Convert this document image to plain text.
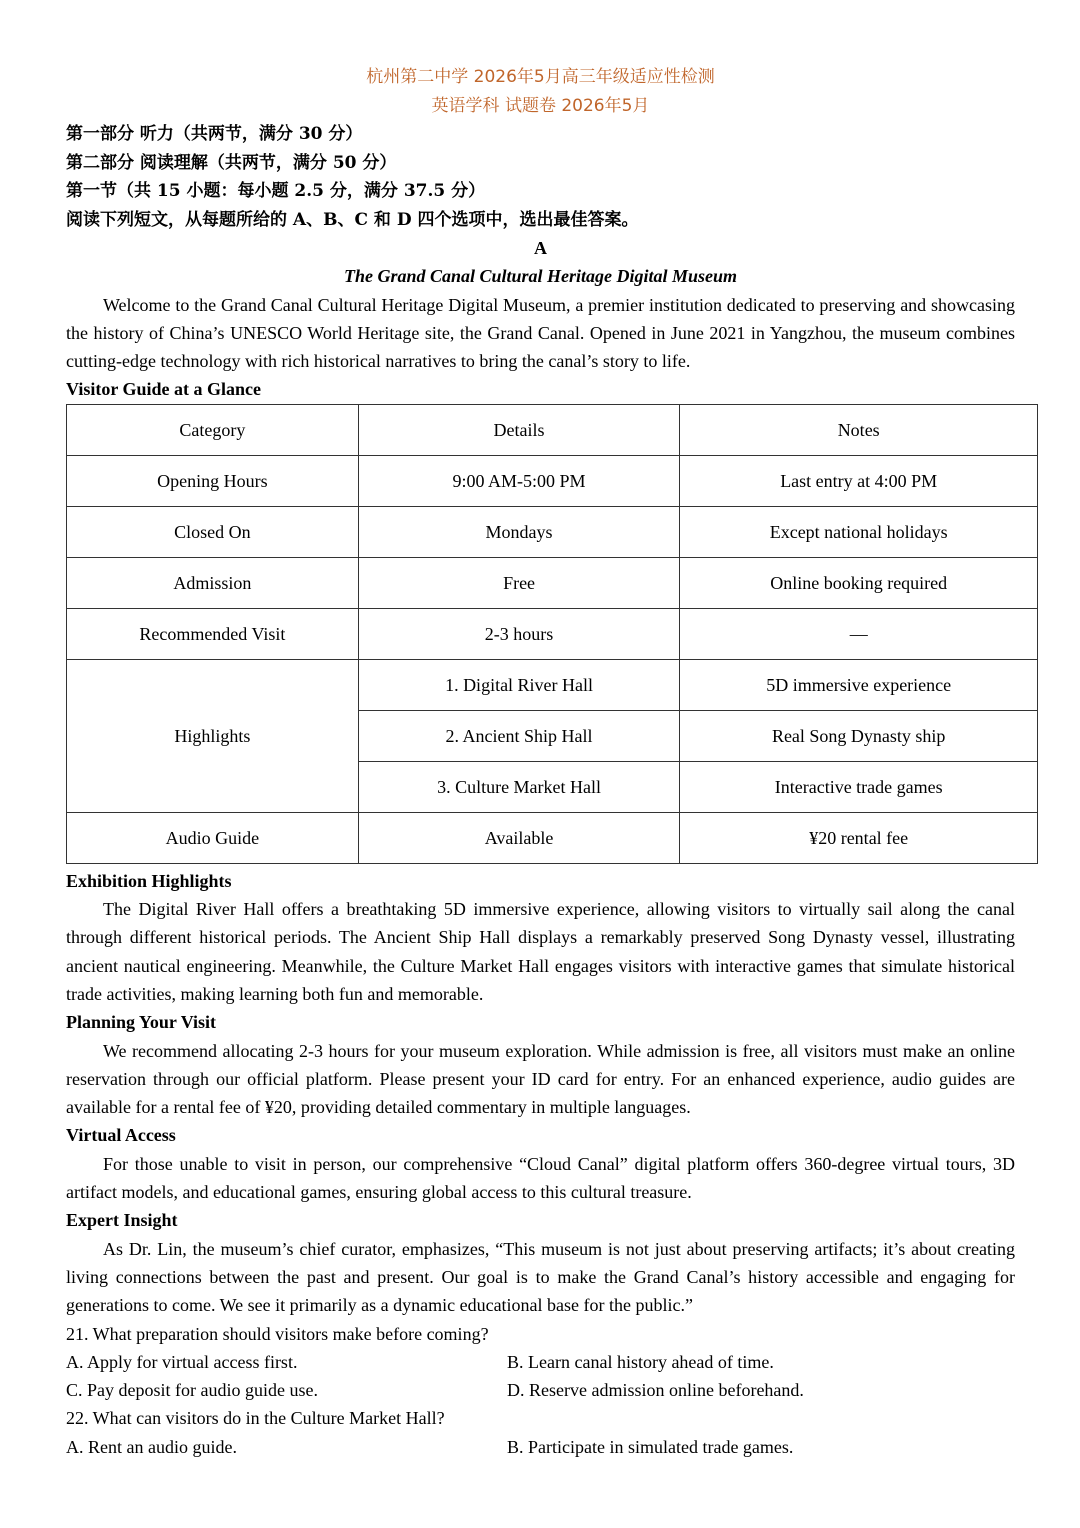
杭州第二中学 2026年5月高三年级适应性检测
英语学科 试题卷 2026年5月
第一部分 听力（共两节，满分 30 分）
第二部分 阅读理解（共两节，满分 50 分）
第一节（共 15 小题：每小题 2.5 分，满分 37.5 分）
阅读下列短文，从每题所给的 A、B、C 和 D 四个选项中，选出最佳答案。
A
The Grand Canal Cultural Heritage Digital Museum

Welcome to the Grand Canal Cultural Heritage Digital Museum, a premier institution dedicated to preserving and showcasing the history of China’s UNESCO World Heritage site, the Grand Canal. Opened in June 2021 in Yangzhou, the museum combines cutting-edge technology with rich historical narratives to bring the canal’s story to life.

Visitor Guide at a Glance
Category	Details	Notes
Opening Hours	9:00 AM-5:00 PM	Last entry at 4:00 PM
Closed On	Mondays	Except national holidays
Admission	Free	Online booking required
Recommended Visit	2-3 hours	—
Highlights	1. Digital River Hall	5D immersive experience
	2. Ancient Ship Hall	Real Song Dynasty ship
	3. Culture Market Hall	Interactive trade games
Audio Guide	Available	¥20 rental fee
Exhibition Highlights

The Digital River Hall offers a breathtaking 5D immersive experience, allowing visitors to virtually sail along the canal through different historical periods. The Ancient Ship Hall displays a remarkably preserved Song Dynasty vessel, illustrating ancient nautical engineering. Meanwhile, the Culture Market Hall engages visitors with interactive games that simulate historical trade activities, making learning both fun and memorable.

Planning Your Visit

We recommend allocating 2-3 hours for your museum exploration. While admission is free, all visitors must make an online reservation through our official platform. Please present your ID card for entry. For an enhanced experience, audio guides are available for a rental fee of ¥20, providing detailed commentary in multiple languages.

Virtual Access

For those unable to visit in person, our comprehensive “Cloud Canal” digital platform offers 360-degree virtual tours, 3D artifact models, and educational games, ensuring global access to this cultural treasure.

Expert Insight

As Dr. Lin, the museum’s chief curator, emphasizes, “This museum is not just about preserving artifacts; it’s about creating living connections between the past and present. Our goal is to make the Grand Canal’s history accessible and engaging for generations to come. We see it primarily as a dynamic educational base for the public.”

21. What preparation should visitors make before coming?
A. Apply for virtual access first.	B. Learn canal history ahead of time.
C. Pay deposit for audio guide use.	D. Reserve admission online beforehand.
22. What can visitors do in the Culture Market Hall?
A. Rent an audio guide.	B. Participate in simulated trade games.
